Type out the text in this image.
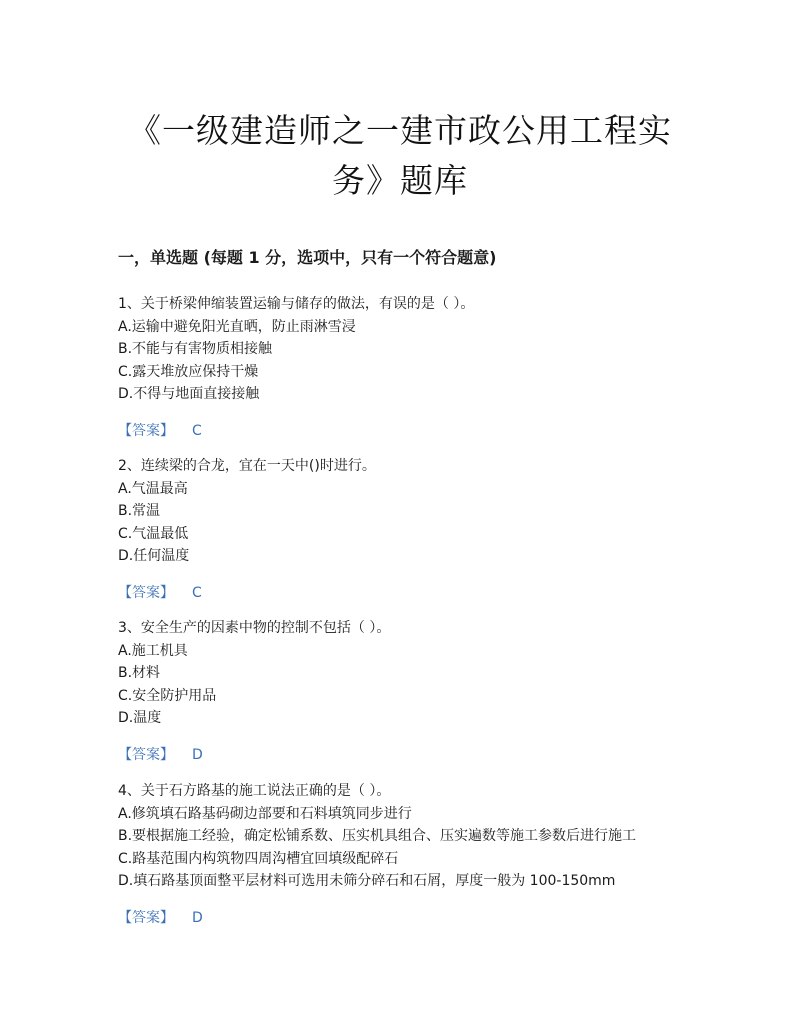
《一级建造师之一建市政公用工程实
务》题库
一，单选题 (每题 1 分，选项中，只有一个符合题意)

1、关于桥梁伸缩装置运输与储存的做法，有误的是（ ）。

A.运输中避免阳光直晒，防止雨淋雪浸

B.不能与有害物质相接触

C.露天堆放应保持干燥

D.不得与地面直接接触

【答案】 C

2、连续梁的合龙，宜在一天中()时进行。

A.气温最高

B.常温

C.气温最低

D.任何温度

【答案】 C

3、安全生产的因素中物的控制不包括（ ）。

A.施工机具

B.材料

C.安全防护用品

D.温度

【答案】 D

4、关于石方路基的施工说法正确的是（ ）。

A.修筑填石路基码砌边部要和石料填筑同步进行

B.要根据施工经验，确定松铺系数、压实机具组合、压实遍数等施工参数后进行施工

C.路基范围内构筑物四周沟槽宜回填级配碎石

D.填石路基顶面整平层材料可选用未筛分碎石和石屑，厚度一般为 100-150mm

【答案】 D
